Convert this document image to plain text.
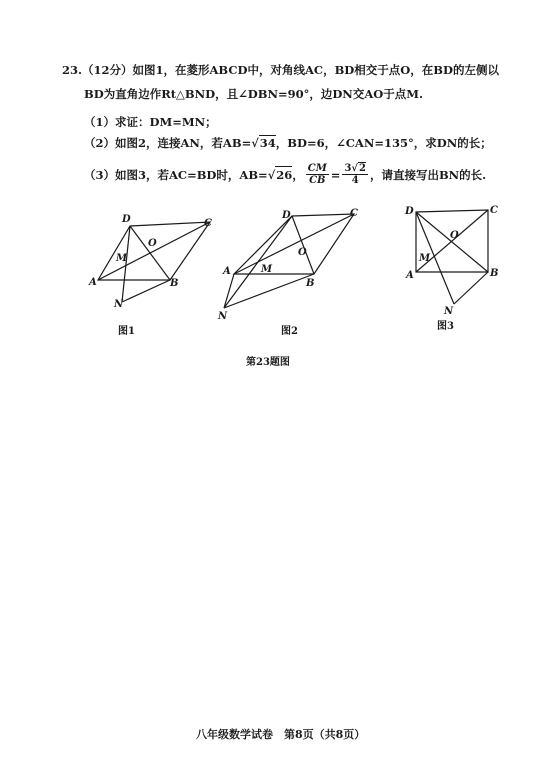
23.（12分）如图1，在菱形ABCD中，对角线AC，BD相交于点O，在BD的左侧以
BD为直角边作Rt△BND，且∠DBN=90°，边DN交AO于点M.
（1）求证：DM=MN；
（2）如图2，连接AN，若AB=√34，BD=6，∠CAN=135°，求DN的长；
（3）如图3，若AC=BD时，AB= √ 26 ， $\frac{CM}{CB} = \frac{3√2}{4}$ ，请直接写出BN的长.
D	C
O
M
A	B
N
图1
D	C
O
M
A
B
N
图2
D	C
O
M
A	B
N
图3
第23题图
八年级数学试卷　第8页（共8页）
